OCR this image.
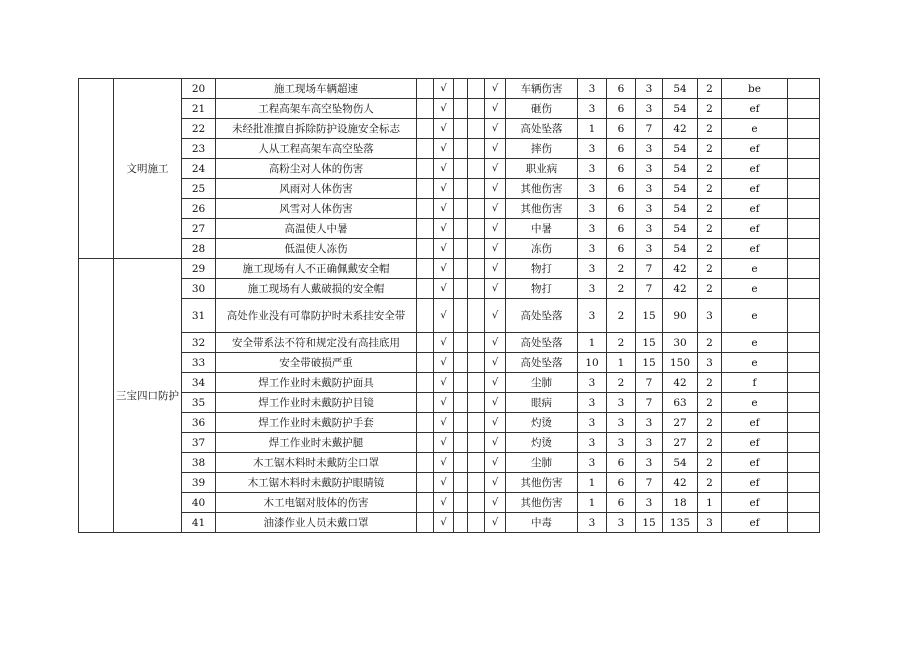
	文明施工	20	施工现场车辆超速		√			√	车辆伤害	3	6	3	54	2	be	
		21	工程高架车高空坠物伤人		√			√	砸伤	3	6	3	54	2	ef	
		22	未经批准擅自拆除防护设施安全标志		√			√	高处坠落	1	6	7	42	2	e	
		23	人从工程高架车高空坠落		√			√	摔伤	3	6	3	54	2	ef	
		24	高粉尘对人体的伤害		√			√	职业病	3	6	3	54	2	ef	
		25	风雨对人体伤害		√			√	其他伤害	3	6	3	54	2	ef	
		26	风雪对人体伤害		√			√	其他伤害	3	6	3	54	2	ef	
		27	高温使人中暑		√			√	中暑	3	6	3	54	2	ef	
		28	低温使人冻伤		√			√	冻伤	3	6	3	54	2	ef	
	三宝四口防护	29	施工现场有人不正确佩戴安全帽		√			√	物打	3	2	7	42	2	e	
		30	施工现场有人戴破损的安全帽		√			√	物打	3	2	7	42	2	e	
		31	高处作业没有可靠防护时未系挂安全带		√			√	高处坠落	3	2	15	90	3	e	
		32	安全带系法不符和规定没有高挂底用		√			√	高处坠落	1	2	15	30	2	e	
		33	安全带破损严重		√			√	高处坠落	10	1	15	150	3	e	
		34	焊工作业时未戴防护面具		√			√	尘肺	3	2	7	42	2	f	
		35	焊工作业时未戴防护目镜		√			√	眼病	3	3	7	63	2	e	
		36	焊工作业时未戴防护手套		√			√	灼烫	3	3	3	27	2	ef	
		37	焊工作业时未戴护腿		√			√	灼烫	3	3	3	27	2	ef	
		38	木工锯木料时未戴防尘口罩		√			√	尘肺	3	6	3	54	2	ef	
		39	木工锯木料时未戴防护眼睛镜		√			√	其他伤害	1	6	7	42	2	ef	
		40	木工电锯对肢体的伤害		√			√	其他伤害	1	6	3	18	1	ef	
		41	油漆作业人员未戴口罩		√			√	中毒	3	3	15	135	3	ef	
